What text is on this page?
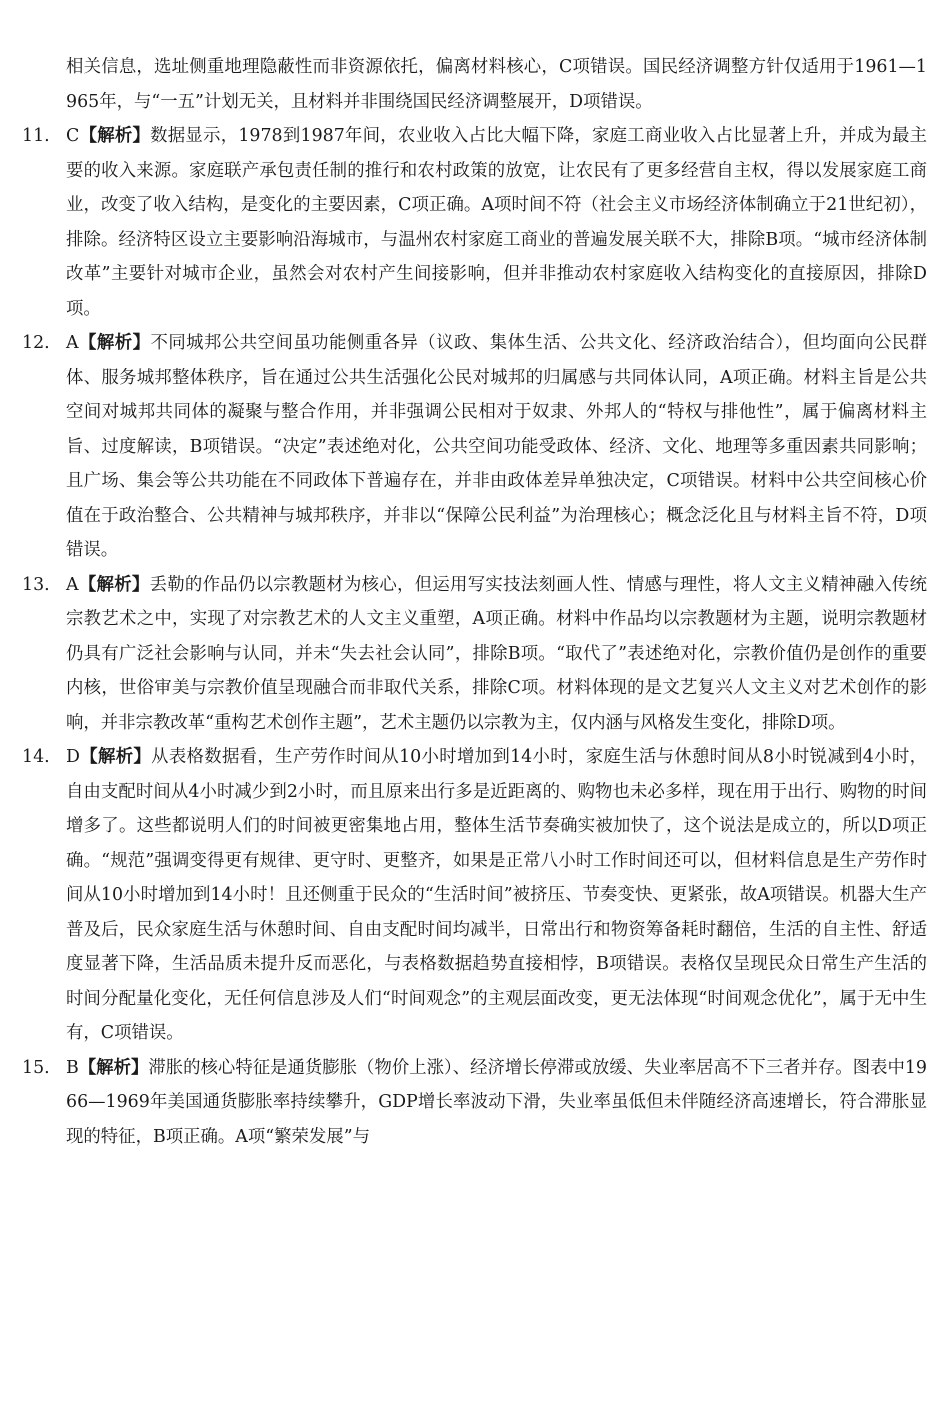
相关信息，选址侧重地理隐蔽性而非资源依托，偏离材料核心，C项错误。国民经济调整方针仅适用于1961—1965年，与“一五”计划无关，且材料并非围绕国民经济调整展开，D项错误。

11. C【解析】数据显示，1978到1987年间，农业收入占比大幅下降，家庭工商业收入占比显著上升，并成为最主要的收入来源。家庭联产承包责任制的推行和农村政策的放宽，让农民有了更多经营自主权，得以发展家庭工商业，改变了收入结构，是变化的主要因素，C项正确。A项时间不符（社会主义市场经济体制确立于21世纪初），排除。经济特区设立主要影响沿海城市，与温州农村家庭工商业的普遍发展关联不大，排除B项。“城市经济体制改革”主要针对城市企业，虽然会对农村产生间接影响，但并非推动农村家庭收入结构变化的直接原因，排除D项。
12. A【解析】不同城邦公共空间虽功能侧重各异（议政、集体生活、公共文化、经济政治结合），但均面向公民群体、服务城邦整体秩序，旨在通过公共生活强化公民对城邦的归属感与共同体认同，A项正确。材料主旨是公共空间对城邦共同体的凝聚与整合作用，并非强调公民相对于奴隶、外邦人的“特权与排他性”，属于偏离材料主旨、过度解读，B项错误。“决定”表述绝对化，公共空间功能受政体、经济、文化、地理等多重因素共同影响；且广场、集会等公共功能在不同政体下普遍存在，并非由政体差异单独决定，C项错误。材料中公共空间核心价值在于政治整合、公共精神与城邦秩序，并非以“保障公民利益”为治理核心；概念泛化且与材料主旨不符，D项错误。
13. A【解析】丢勒的作品仍以宗教题材为核心，但运用写实技法刻画人性、情感与理性，将人文主义精神融入传统宗教艺术之中，实现了对宗教艺术的人文主义重塑，A项正确。材料中作品均以宗教题材为主题，说明宗教题材仍具有广泛社会影响与认同，并未“失去社会认同”，排除B项。“取代了”表述绝对化，宗教价值仍是创作的重要内核，世俗审美与宗教价值呈现融合而非取代关系，排除C项。材料体现的是文艺复兴人文主义对艺术创作的影响，并非宗教改革“重构艺术创作主题”，艺术主题仍以宗教为主，仅内涵与风格发生变化，排除D项。
14. D【解析】从表格数据看，生产劳作时间从10小时增加到14小时，家庭生活与休憩时间从8小时锐减到4小时，自由支配时间从4小时减少到2小时，而且原来出行多是近距离的、购物也未必多样，现在用于出行、购物的时间增多了。这些都说明人们的时间被更密集地占用，整体生活节奏确实被加快了，这个说法是成立的，所以D项正确。“规范”强调变得更有规律、更守时、更整齐，如果是正常八小时工作时间还可以，但材料信息是生产劳作时间从10小时增加到14小时！且还侧重于民众的“生活时间”被挤压、节奏变快、更紧张，故A项错误。机器大生产普及后，民众家庭生活与休憩时间、自由支配时间均减半，日常出行和物资筹备耗时翻倍，生活的自主性、舒适度显著下降，生活品质未提升反而恶化，与表格数据趋势直接相悖，B项错误。表格仅呈现民众日常生产生活的时间分配量化变化，无任何信息涉及人们“时间观念”的主观层面改变，更无法体现“时间观念优化”，属于无中生有，C项错误。
15. B【解析】滞胀的核心特征是通货膨胀（物价上涨）、经济增长停滞或放缓、失业率居高不下三者并存。图表中1966—1969年美国通货膨胀率持续攀升，GDP增长率波动下滑，失业率虽低但未伴随经济高速增长，符合滞胀显现的特征，B项正确。A项“繁荣发展”与
